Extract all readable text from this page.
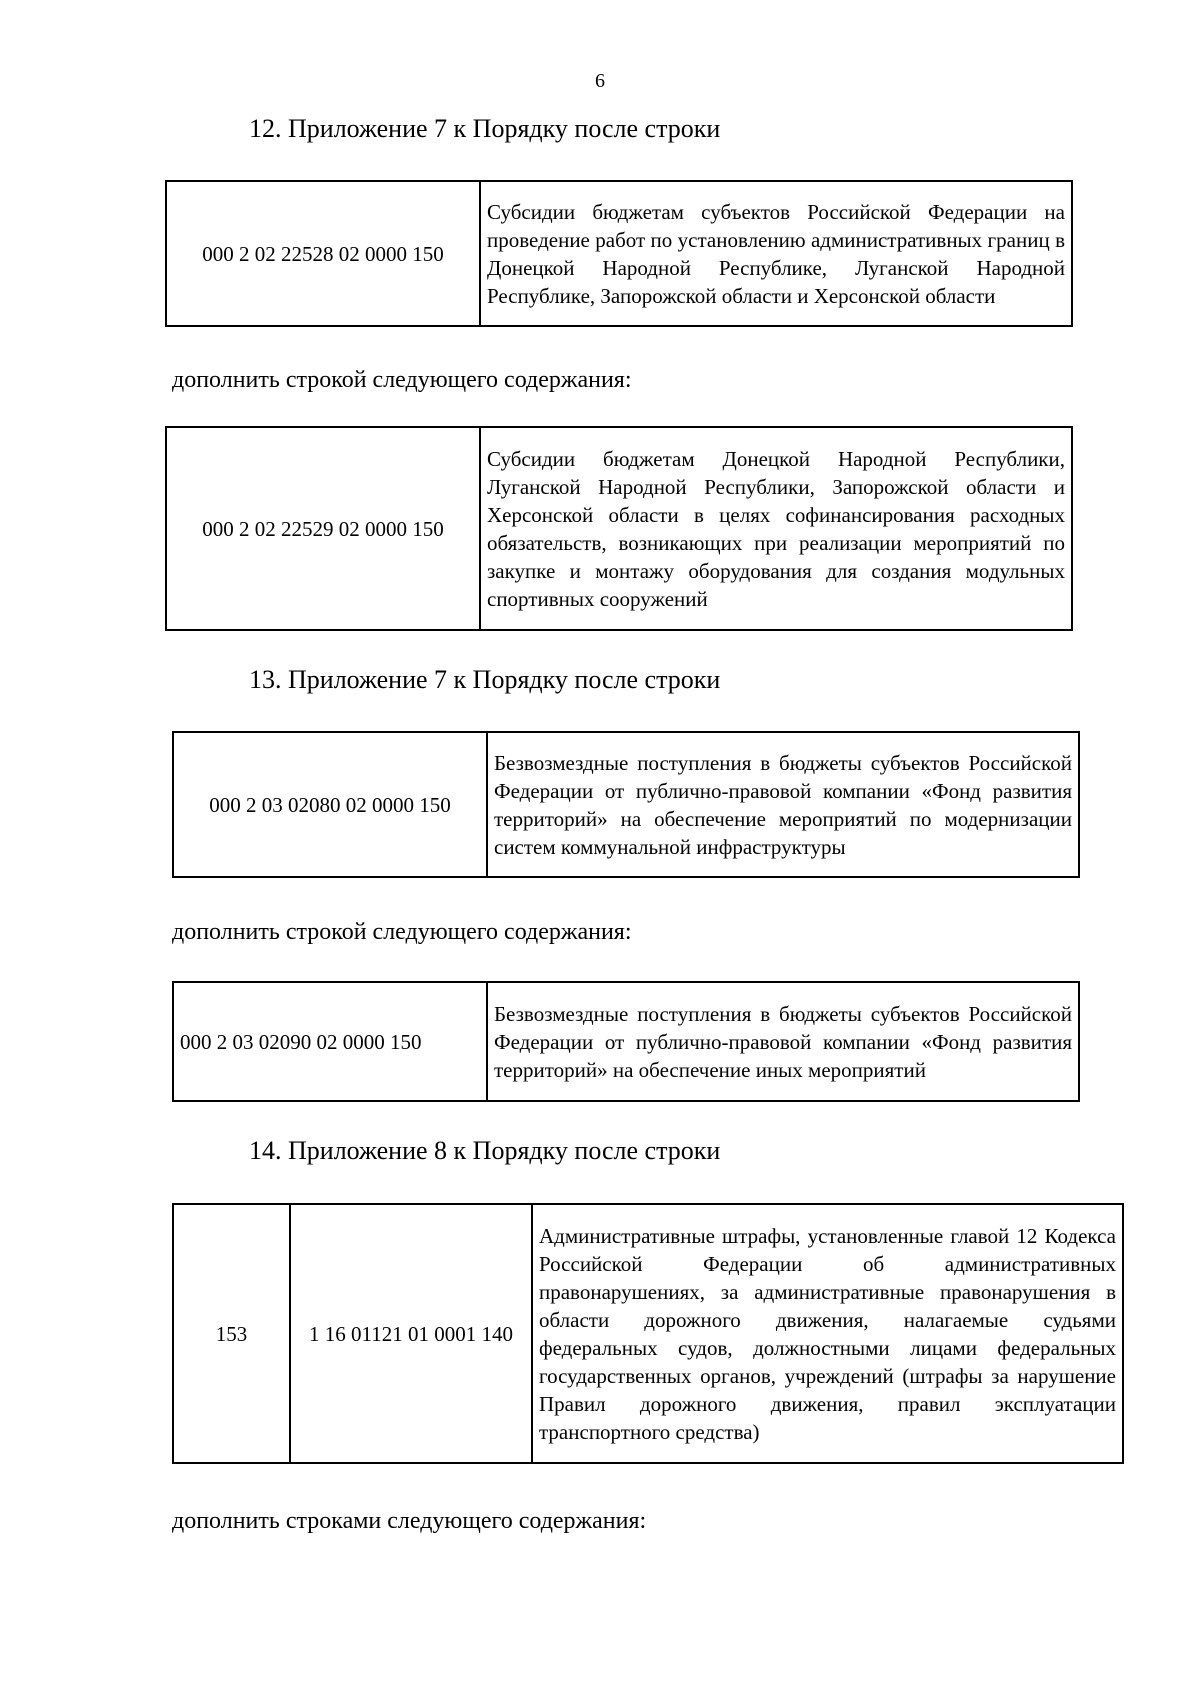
6
12. Приложение 7 к Порядку после строки
000 2 02 22528 02 0000 150	Субсидии бюджетам субъектов Российской Федерации на проведение работ по установлению административных границ в Донецкой Народной Республике, Луганской Народной Республике, Запорожской области и Херсонской области
дополнить строкой следующего содержания:
000 2 02 22529 02 0000 150	Субсидии бюджетам Донецкой Народной Республики, Луганской Народной Республики, Запорожской области и Херсонской области в целях софинансирования расходных обязательств, возникающих при реализации мероприятий по закупке и монтажу оборудования для создания модульных спортивных сооружений
13. Приложение 7 к Порядку после строки
000 2 03 02080 02 0000 150	Безвозмездные поступления в бюджеты субъектов Российской Федерации от публично-правовой компании «Фонд развития территорий» на обеспечение мероприятий по модернизации систем коммунальной инфраструктуры
дополнить строкой следующего содержания:
000 2 03 02090 02 0000 150	Безвозмездные поступления в бюджеты субъектов Российской Федерации от публично-правовой компании «Фонд развития территорий» на обеспечение иных мероприятий
14. Приложение 8 к Порядку после строки
153	1 16 01121 01 0001 140	Административные штрафы, установленные главой 12 Кодекса Российской Федерации об административных правонарушениях, за административные правонарушения в области дорожного движения, налагаемые судьями федеральных судов, должностными лицами федеральных государственных органов, учреждений (штрафы за нарушение Правил дорожного движения, правил эксплуатации транспортного средства)
дополнить строками следующего содержания:
